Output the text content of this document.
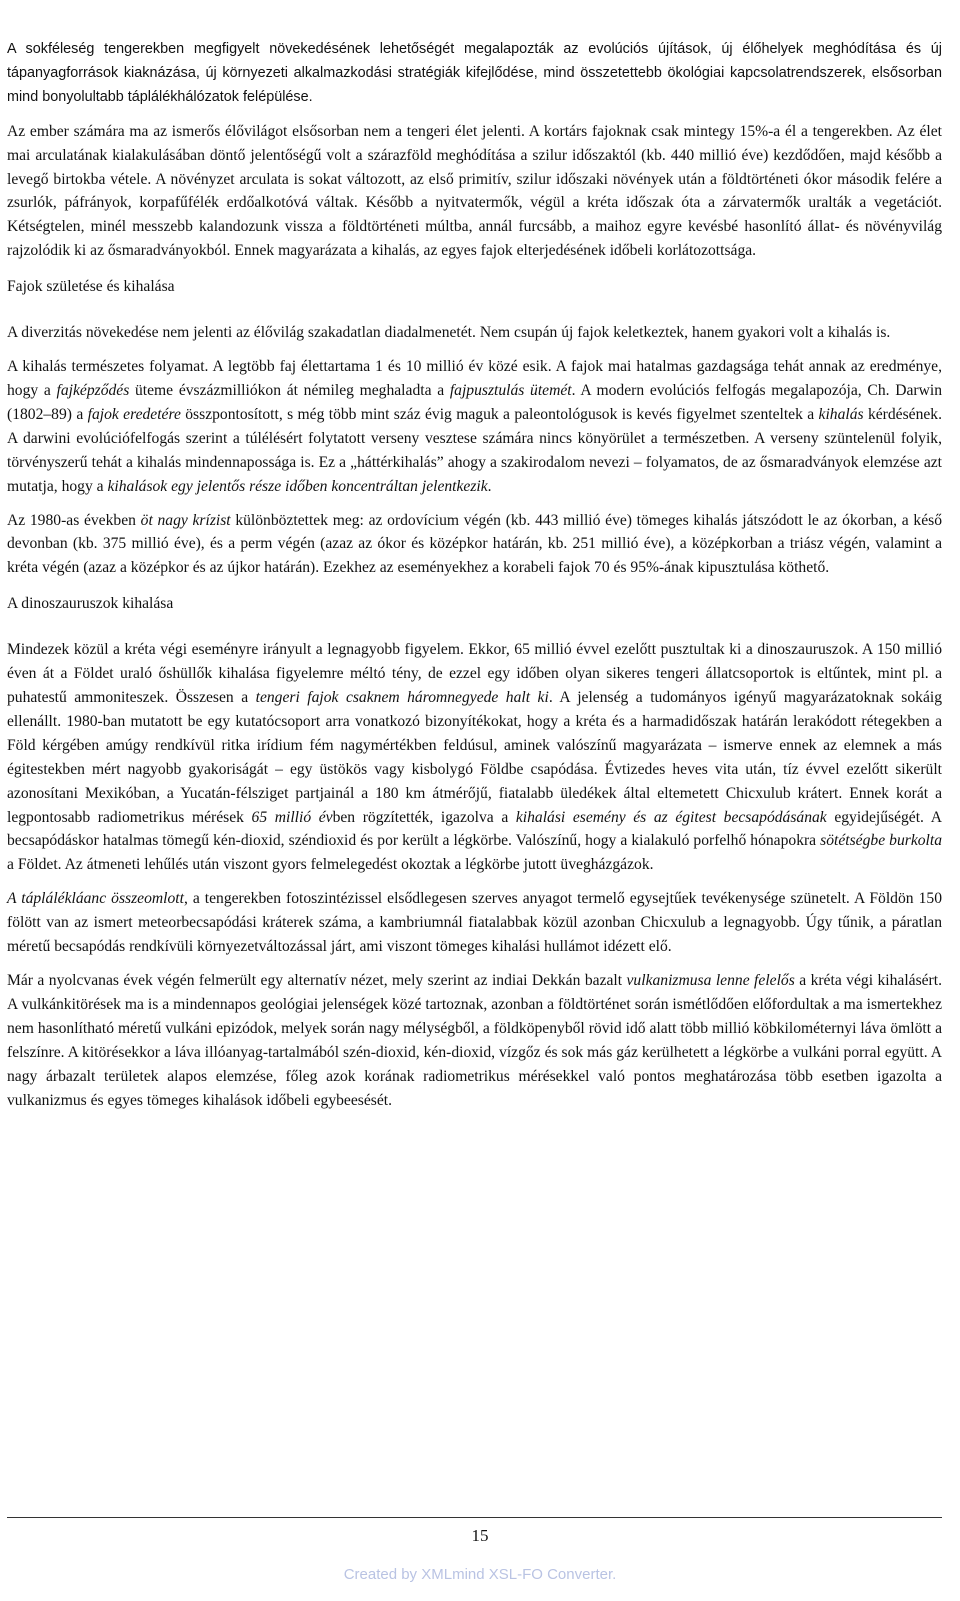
A sokféleség tengerekben megfigyelt növekedésének lehetőségét megalapozták az evolúciós újítások, új élőhelyek meghódítása és új tápanyagforrások kiaknázása, új környezeti alkalmazkodási stratégiák kifejlődése, mind összetettebb ökológiai kapcsolatrendszerek, elsősorban mind bonyolultabb táplálékhálózatok felépülése.

Az ember számára ma az ismerős élővilágot elsősorban nem a tengeri élet jelenti. A kortárs fajoknak csak mintegy 15%-a él a tengerekben. Az élet mai arculatának kialakulásában döntő jelentőségű volt a szárazföld meghódítása a szilur időszaktól (kb. 440 millió éve) kezdődően, majd később a levegő birtokba vétele. A növényzet arculata is sokat változott, az első primitív, szilur időszaki növények után a földtörténeti ókor második felére a zsurlók, páfrányok, korpafűfélék erdőalkotóvá váltak. Később a nyitvatermők, végül a kréta időszak óta a zárvatermők uralták a vegetációt. Kétségtelen, minél messzebb kalandozunk vissza a földtörténeti múltba, annál furcsább, a maihoz egyre kevésbé hasonlító állat- és növényvilág rajzolódik ki az ősmaradványokból. Ennek magyarázata a kihalás, az egyes fajok elterjedésének időbeli korlátozottsága.

Fajok születése és kihalása

A diverzitás növekedése nem jelenti az élővilág szakadatlan diadalmenetét. Nem csupán új fajok keletkeztek, hanem gyakori volt a kihalás is.

A kihalás természetes folyamat. A legtöbb faj élettartama 1 és 10 millió év közé esik. A fajok mai hatalmas gazdagsága tehát annak az eredménye, hogy a fajképződés üteme évszázmilliókon át némileg meghaladta a fajpusztulás ütemét. A modern evolúciós felfogás megalapozója, Ch. Darwin (1802–89) a fajok eredetére összpontosított, s még több mint száz évig maguk a paleontológusok is kevés figyelmet szenteltek a kihalás kérdésének. A darwini evolúciófelfogás szerint a túlélésért folytatott verseny vesztese számára nincs könyörület a természetben. A verseny szüntelenül folyik, törvényszerű tehát a kihalás mindennapossága is. Ez a „háttérkihalás” ahogy a szakirodalom nevezi – folyamatos, de az ősmaradványok elemzése azt mutatja, hogy a kihalások egy jelentős része időben koncentráltan jelentkezik.

Az 1980-as években öt nagy krízist különböztettek meg: az ordovícium végén (kb. 443 millió éve) tömeges kihalás játszódott le az ókorban, a késő devonban (kb. 375 millió éve), és a perm végén (azaz az ókor és középkor határán, kb. 251 millió éve), a középkorban a triász végén, valamint a kréta végén (azaz a középkor és az újkor határán). Ezekhez az eseményekhez a korabeli fajok 70 és 95%-ának kipusztulása köthető.

A dinoszauruszok kihalása

Mindezek közül a kréta végi eseményre irányult a legnagyobb figyelem. Ekkor, 65 millió évvel ezelőtt pusztultak ki a dinoszauruszok. A 150 millió éven át a Földet uraló őshüllők kihalása figyelemre méltó tény, de ezzel egy időben olyan sikeres tengeri állatcsoportok is eltűntek, mint pl. a puhatestű ammoniteszek. Összesen a tengeri fajok csaknem háromnegyede halt ki. A jelenség a tudományos igényű magyarázatoknak sokáig ellenállt. 1980-ban mutatott be egy kutatócsoport arra vonatkozó bizonyítékokat, hogy a kréta és a harmadidőszak határán lerakódott rétegekben a Föld kérgében amúgy rendkívül ritka irídium fém nagymértékben feldúsul, aminek valószínű magyarázata – ismerve ennek az elemnek a más égitestekben mért nagyobb gyakoriságát – egy üstökös vagy kisbolygó Földbe csapódása. Évtizedes heves vita után, tíz évvel ezelőtt sikerült azonosítani Mexikóban, a Yucatán-félsziget partjainál a 180 km átmérőjű, fiatalabb üledékek által eltemetett Chicxulub krátert. Ennek korát a legpontosabb radiometrikus mérések 65 millió évben rögzítették, igazolva a kihalási esemény és az égitest becsapódásának egyidejűségét. A becsapódáskor hatalmas tömegű kén-dioxid, széndioxid és por került a légkörbe. Valószínű, hogy a kialakuló porfelhő hónapokra sötétségbe burkolta a Földet. Az átmeneti lehűlés után viszont gyors felmelegedést okoztak a légkörbe jutott üvegházgázok.

A táplálékláanc összeomlott, a tengerekben fotoszintézissel elsődlegesen szerves anyagot termelő egysejtűek tevékenysége szünetelt. A Földön 150 fölött van az ismert meteorbecsapódási kráterek száma, a kambriumnál fiatalabbak közül azonban Chicxulub a legnagyobb. Úgy tűnik, a páratlan méretű becsapódás rendkívüli környezetváltozással járt, ami viszont tömeges kihalási hullámot idézett elő.

Már a nyolcvanas évek végén felmerült egy alternatív nézet, mely szerint az indiai Dekkán bazalt vulkanizmusa lenne felelős a kréta végi kihalásért. A vulkánkitörések ma is a mindennapos geológiai jelenségek közé tartoznak, azonban a földtörténet során ismétlődően előfordultak a ma ismertekhez nem hasonlítható méretű vulkáni epizódok, melyek során nagy mélységből, a földköpenyből rövid idő alatt több millió köbkilométernyi láva ömlött a felszínre. A kitörésekkor a láva illóanyag-tartalmából szén-dioxid, kén-dioxid, vízgőz és sok más gáz kerülhetett a légkörbe a vulkáni porral együtt. A nagy árbazalt területek alapos elemzése, főleg azok korának radiometrikus mérésekkel való pontos meghatározása több esetben igazolta a vulkanizmus és egyes tömeges kihalások időbeli egybeesését.

15
Created by XMLmind XSL-FO Converter.
